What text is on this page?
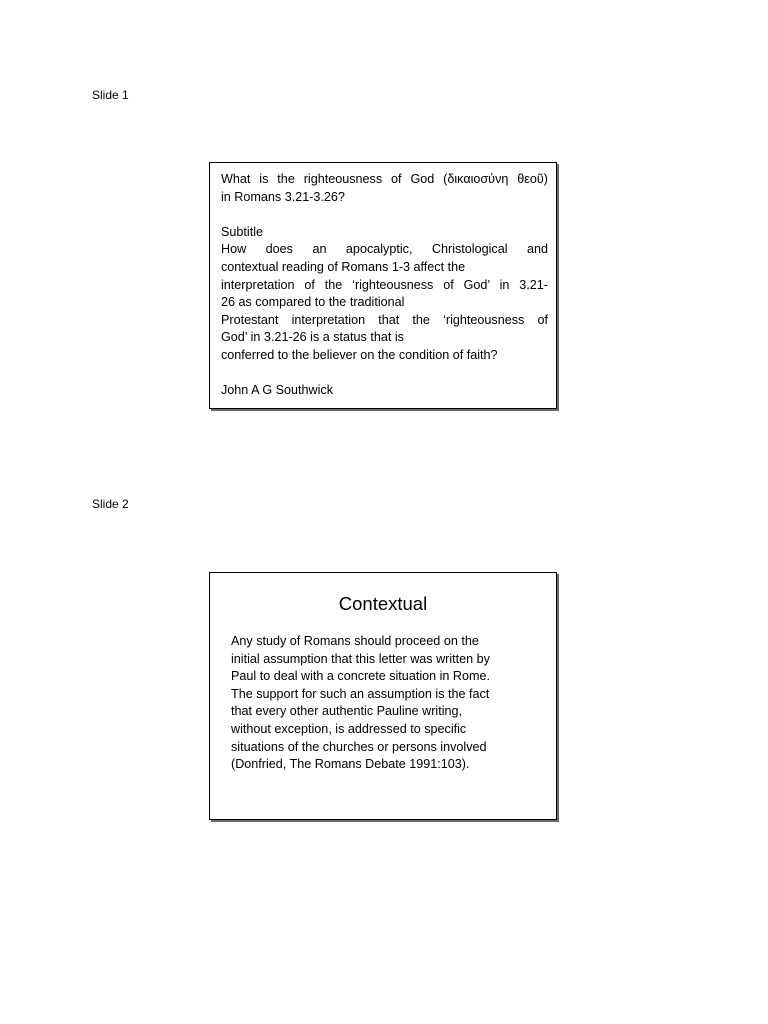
Slide 1

What is the righteousness of God (δικαιοσύνη θεοῦ)

in Romans 3.21-3.26?

Subtitle

How does an apocalyptic, Christological and

contextual reading of Romans 1-3 affect the

interpretation of the ‘righteousness of God’ in 3.21-

26 as compared to the traditional

Protestant interpretation that the ‘righteousness of

God’ in 3.21-26 is a status that is

conferred to the believer on the condition of faith?

John A G Southwick

Slide 2
Contextual

Any study of Romans should proceed on the

initial assumption that this letter was written by

Paul to deal with a concrete situation in Rome.

The support for such an assumption is the fact

that every other authentic Pauline writing,

without exception, is addressed to specific

situations of the churches or persons involved

(Donfried, The Romans Debate 1991:103).
